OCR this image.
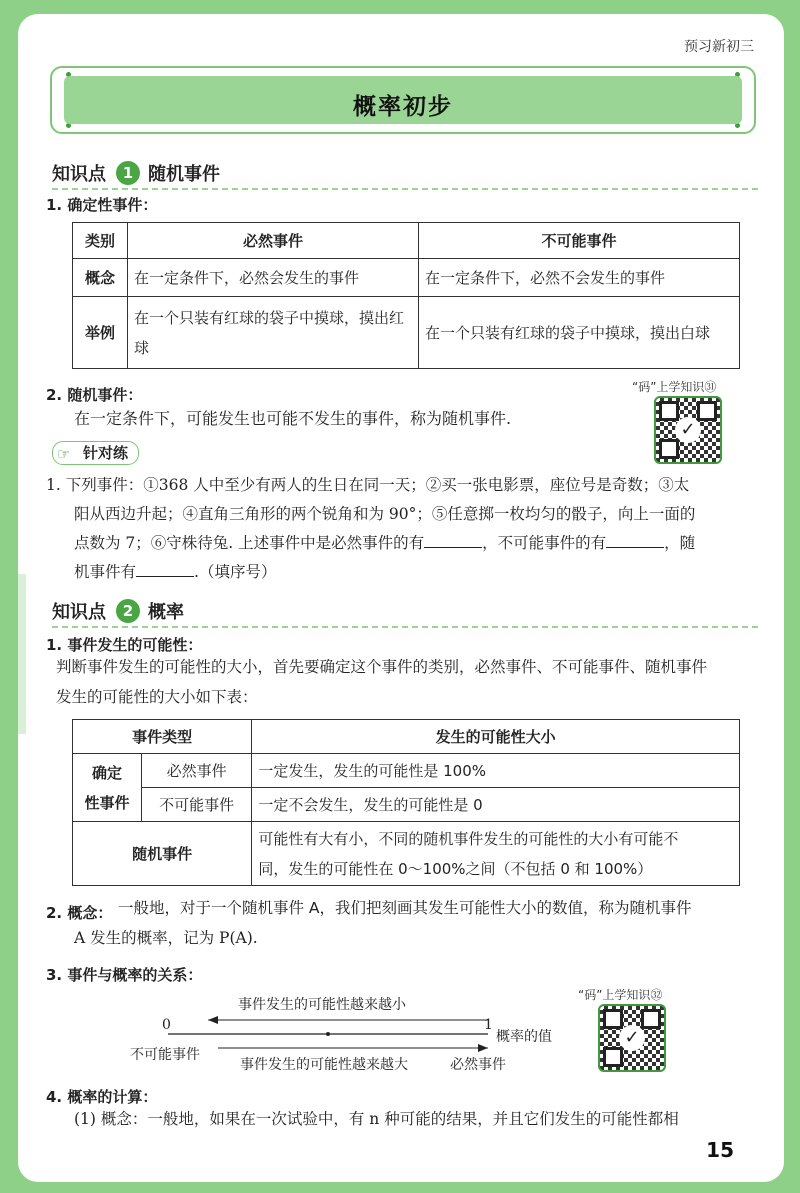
预习新初三
概率初步
知识点	1 随机事件
1. 确定性事件：
类别	必然事件	不可能事件
概念	在一定条件下，必然会发生的事件	在一定条件下，必然不会发生的事件
举例	在一个只装有红球的袋子中摸球，摸出红球	在一个只装有红球的袋子中摸球，摸出白球
2. 随机事件：
在一定条件下，可能发生也可能不发生的事件，称为随机事件.
“码”上学知识㉛
✓
☞ 针对练
1. 下列事件：①368 人中至少有两人的生日在同一天；②买一张电影票，座位号是奇数；③太
阳从西边升起；④直角三角形的两个锐角和为 90°；⑤任意掷一枚均匀的骰子，向上一面的
点数为 7；⑥守株待兔. 上述事件中是必然事件的有	，不可能事件的有	，随
机事件有	.（填序号）
知识点	2 概率
1. 事件发生的可能性：
判断事件发生的可能性的大小，首先要确定这个事件的类别，必然事件、不可能事件、随机事件
发生的可能性的大小如下表：
事件类型		发生的可能性大小

确定
性事件	必然事件	一定发生，发生的可能性是 100%
	不可能事件	一定不会发生，发生的可能性是 0
随机事件		可能性有大有小，不同的随机事件发生的可能性的大小有可能不
同，发生的可能性在 0～100%之间（不包括 0 和 100%）
2. 概念： 一般地，对于一个随机事件 A，我们把刻画其发生可能性大小的数值，称为随机事件
A 发生的概率，记为 P(A).
3. 事件与概率的关系：
事件发生的可能性越来越小
0	1
概率的值
不可能事件
事件发生的可能性越来越大	必然事件
“码”上学知识㉜
✓
4. 概率的计算：
(1) 概念：一般地，如果在一次试验中，有 n 种可能的结果，并且它们发生的可能性都相
15
